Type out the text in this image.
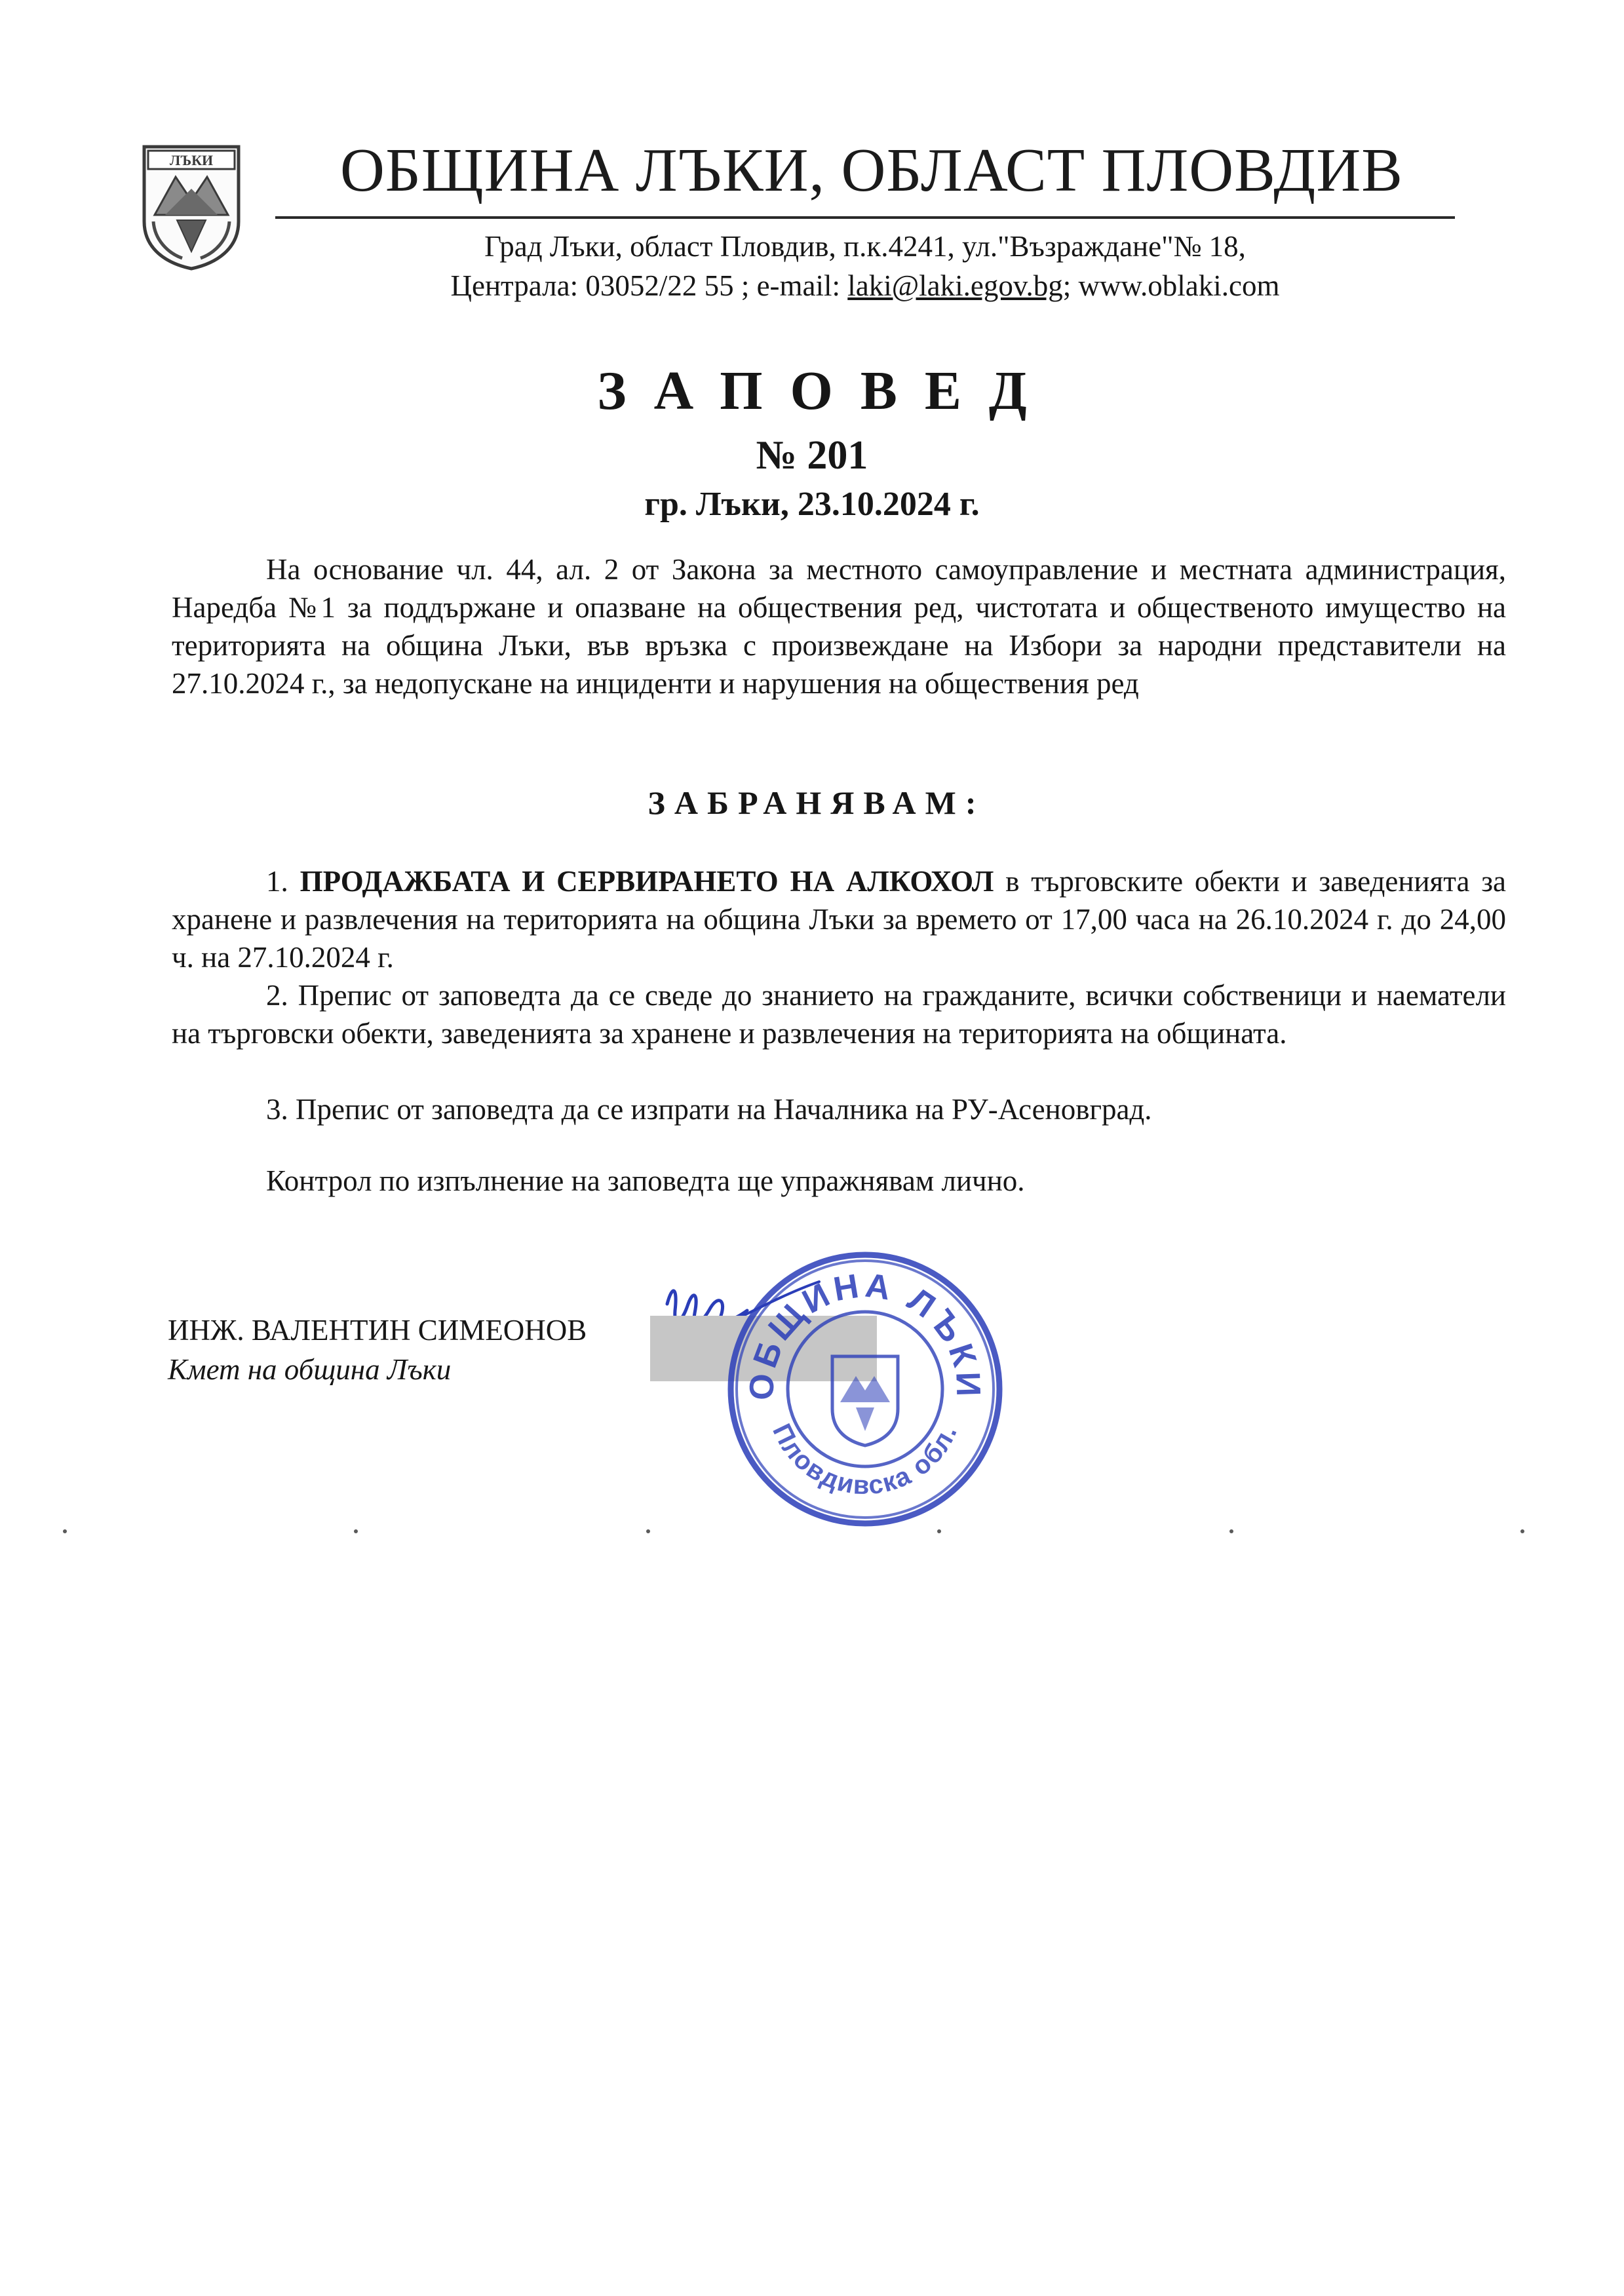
ЛЪКИ	ОБЩИНА ЛЪКИ, ОБЛАСТ ПЛОВДИВ
Град Лъки, област Пловдив, п.к.4241, ул."Възраждане"№ 18,
Централа: 03052/22 55 ; e-mail: laki@laki.egov.bg; www.oblaki.com
ЗАПОВЕД
№ 201
гр. Лъки, 23.10.2024 г.

На основание чл. 44, ал. 2 от Закона за местното самоуправление и местната администрация, Наредба №1 за поддържане и опазване на обществения ред, чистотата и общественото имущество на територията на община Лъки, във връзка с произвеждане на Избори за народни представители на 27.10.2024 г., за недопускане на инциденти и нарушения на обществения ред

ЗАБРАНЯВАМ:

1. ПРОДАЖБАТА И СЕРВИРАНЕТО НА АЛКОХОЛ в търговските обекти и заведенията за хранене и развлечения на територията на община Лъки за времето от 17,00 часа на 26.10.2024 г. до 24,00 ч. на 27.10.2024 г.

2. Препис от заповедта да се сведе до знанието на гражданите, всички собственици и наематели на търговски обекти, заведенията за хранене и развлечения на територията на общината.

3. Препис от заповедта да се изпрати на Началника на РУ-Асеновград.

Контрол по изпълнение на заповедта ще упражнявам лично.
ИНЖ. ВАЛЕНТИН СИМЕОНОВ
Кмет на община Лъки	ОБЩИНА ЛЪКИ
Пловдивска обл.
